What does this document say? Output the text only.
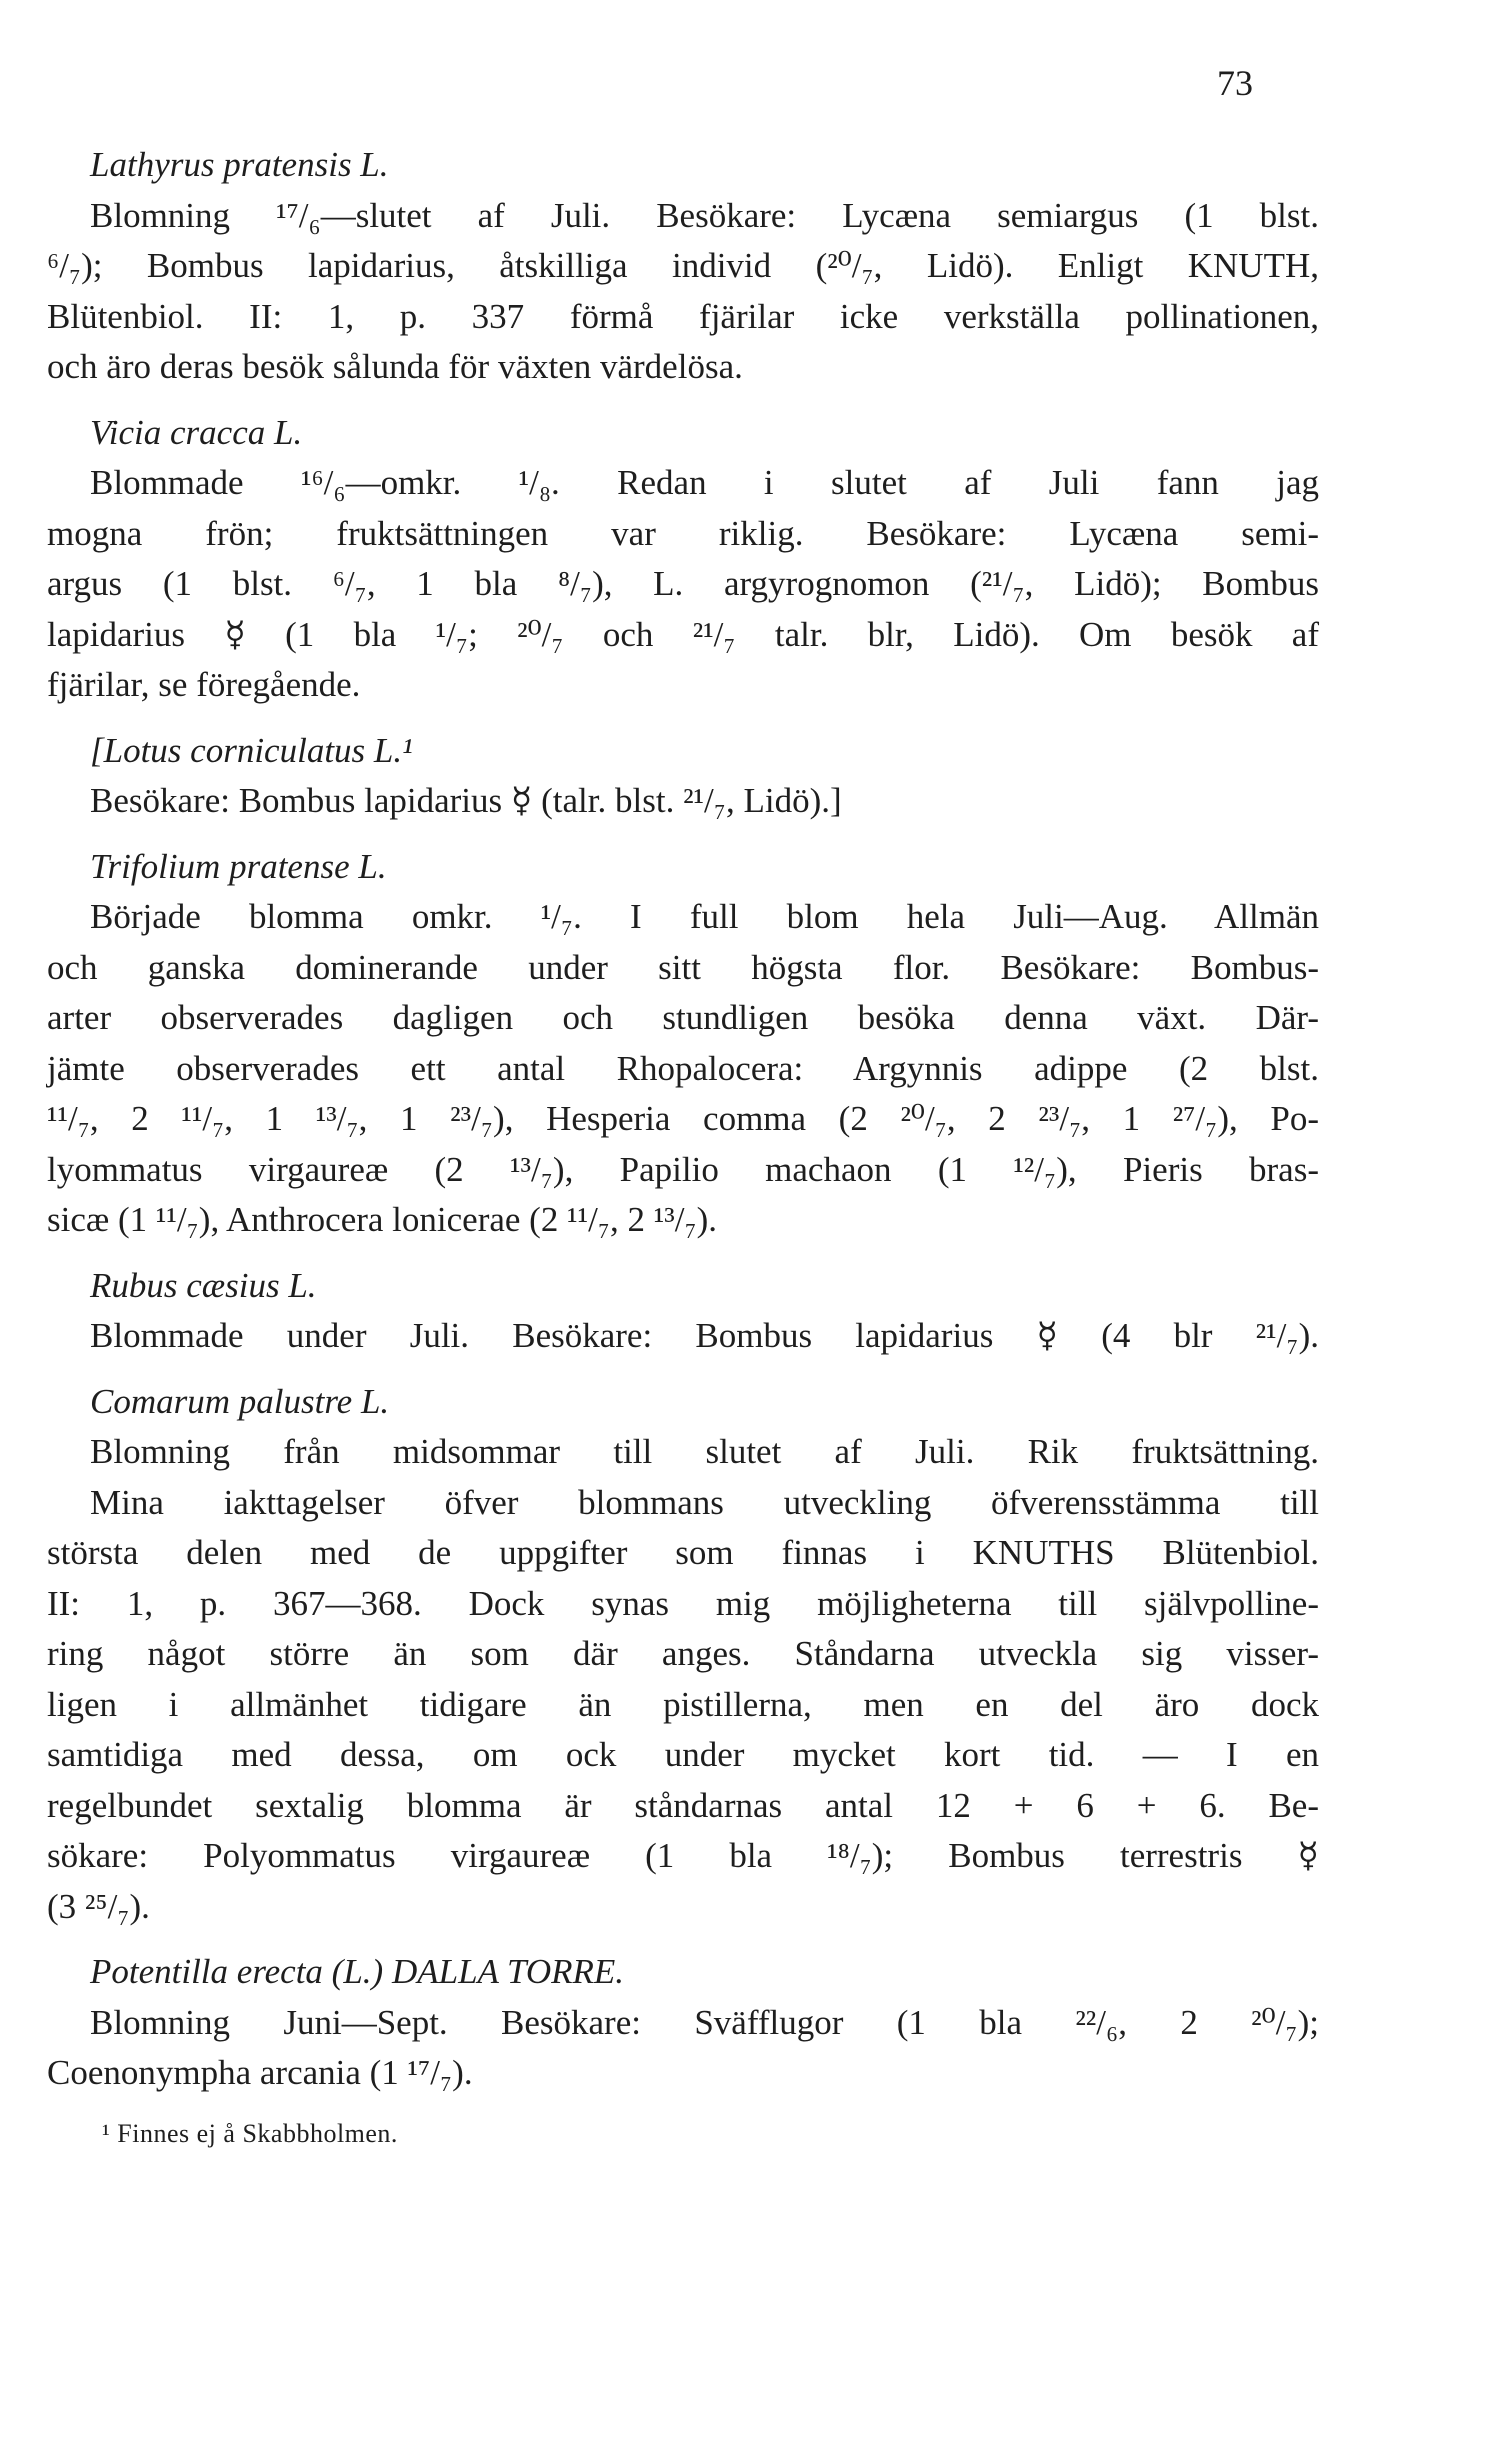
73
Lathyrus pratensis L.
Blomning ¹⁷/₆—slutet af Juli. Besökare: Lycæna semiargus (1 blst.
⁶/₇); Bombus lapidarius, åtskilliga individ (²⁰/₇, Lidö). Enligt KNUTH,
Blütenbiol. II: 1, p. 337 förmå fjärilar icke verkställa pollinationen,
och äro deras besök sålunda för växten värdelösa.
Vicia cracca L.
Blommade ¹⁶/₆—omkr. ¹/₈. Redan i slutet af Juli fann jag
mogna frön; fruktsättningen var riklig. Besökare: Lycæna semi-
argus (1 blst. ⁶/₇, 1 bla ⁸/₇), L. argyrognomon (²¹/₇, Lidö); Bombus
lapidarius ☿ (1 bla ¹/₇; ²⁰/₇ och ²¹/₇ talr. blr, Lidö). Om besök af
fjärilar, se föregående.
[Lotus corniculatus L.¹
Besökare: Bombus lapidarius ☿ (talr. blst. ²¹/₇, Lidö).]
Trifolium pratense L.
Började blomma omkr. ¹/₇. I full blom hela Juli—Aug. Allmän
och ganska dominerande under sitt högsta flor. Besökare: Bombus-
arter observerades dagligen och stundligen besöka denna växt. Där-
jämte observerades ett antal Rhopalocera: Argynnis adippe (2 blst.
¹¹/₇, 2 ¹¹/₇, 1 ¹³/₇, 1 ²³/₇), Hesperia comma (2 ²⁰/₇, 2 ²³/₇, 1 ²⁷/₇), Po-
lyommatus virgaureæ (2 ¹³/₇), Papilio machaon (1 ¹²/₇), Pieris bras-
sicæ (1 ¹¹/₇), Anthrocera lonicerae (2 ¹¹/₇, 2 ¹³/₇).
Rubus cæsius L.
Blommade under Juli. Besökare: Bombus lapidarius ☿ (4 blr ²¹/₇).
Comarum palustre L.
Blomning från midsommar till slutet af Juli. Rik fruktsättning.
Mina iakttagelser öfver blommans utveckling öfverensstämma till
största delen med de uppgifter som finnas i KNUTHS Blütenbiol.
II: 1, p. 367—368. Dock synas mig möjligheterna till självpolline-
ring något större än som där anges. Ståndarna utveckla sig visser-
ligen i allmänhet tidigare än pistillerna, men en del äro dock
samtidiga med dessa, om ock under mycket kort tid. — I en
regelbundet sextalig blomma är ståndarnas antal 12 + 6 + 6. Be-
sökare: Polyommatus virgaureæ (1 bla ¹⁸/₇); Bombus terrestris ☿
(3 ²⁵/₇).
Potentilla erecta (L.) DALLA TORRE.
Blomning Juni—Sept. Besökare: Sväfflugor (1 bla ²²/₆, 2 ²⁰/₇);
Coenonympha arcania (1 ¹⁷/₇).
¹ Finnes ej å Skabbholmen.
